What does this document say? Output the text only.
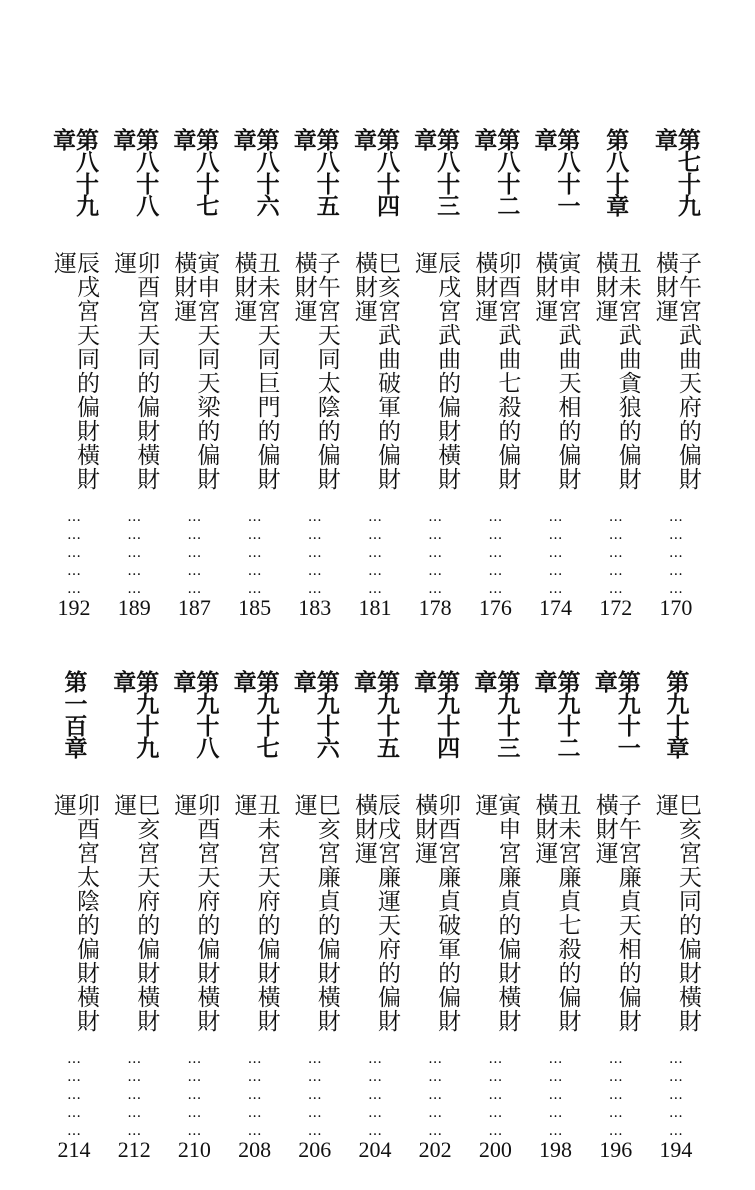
第七十九章
子午宮武曲天府的偏財橫財運
……………
170
第八十章
丑未宮武曲貪狼的偏財橫財運
……………
172
第八十一章
寅申宮武曲天相的偏財橫財運
……………
174
第八十二章
卯酉宮武曲七殺的偏財橫財運
……………
176
第八十三章
辰戌宮武曲的偏財橫財運
……………
178
第八十四章
巳亥宮武曲破軍的偏財橫財運
……………
181
第八十五章
子午宮天同太陰的偏財橫財運
……………
183
第八十六章
丑未宮天同巨門的偏財橫財運
……………
185
第八十七章
寅申宮天同天梁的偏財橫財運
……………
187
第八十八章
卯酉宮天同的偏財橫財運
……………
189
第八十九章
辰戌宮天同的偏財橫財運
……………
192
第九十章
巳亥宮天同的偏財橫財運
……………
194
第九十一章
子午宮廉貞天相的偏財橫財運
……………
196
第九十二章
丑未宮廉貞七殺的偏財橫財運
……………
198
第九十三章
寅申宮廉貞的偏財橫財運
……………
200
第九十四章
卯酉宮廉貞破軍的偏財橫財運
……………
202
第九十五章
辰戌宮廉運天府的偏財橫財運
……………
204
第九十六章
巳亥宮廉貞的偏財橫財運
……………
206
第九十七章
丑未宮天府的偏財橫財運
……………
208
第九十八章
卯酉宮天府的偏財橫財運
……………
210
第九十九章
巳亥宮天府的偏財橫財運
……………
212
第一百章
卯酉宮太陰的偏財橫財運
……………
214
